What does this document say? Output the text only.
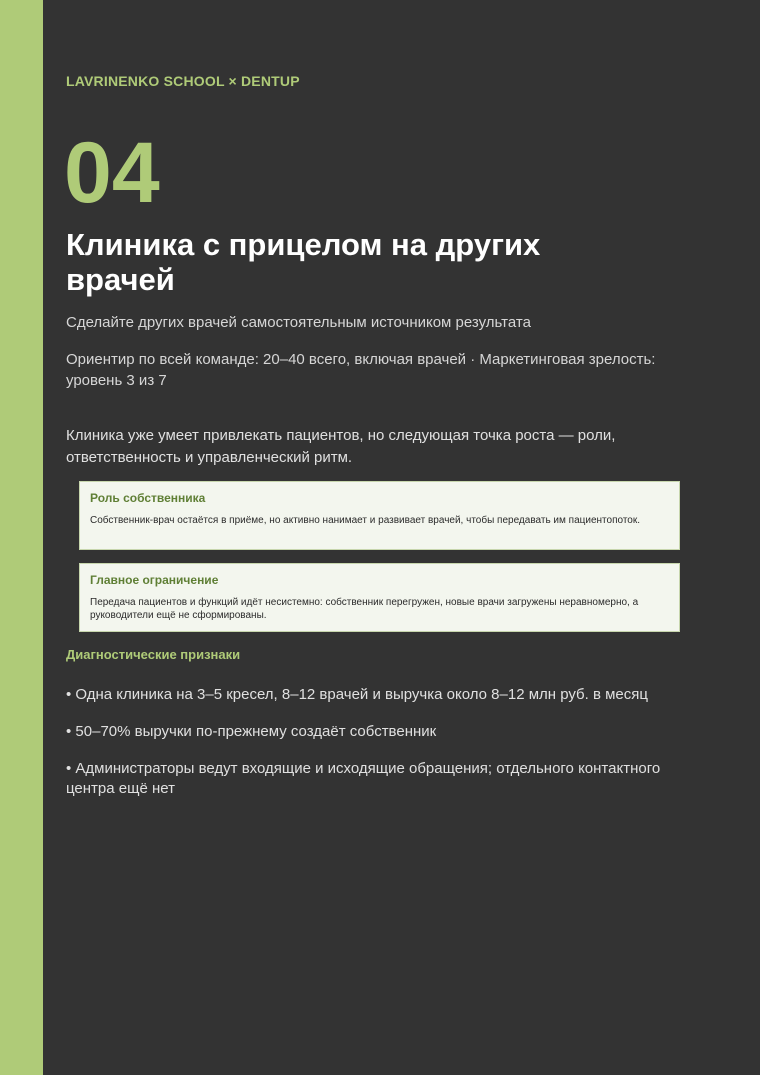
LAVRINENKO SCHOOL × DENTUP
04
Клиника с прицелом на других врачей
Сделайте других врачей самостоятельным источником результата
Ориентир по всей команде: 20–40 всего, включая врачей · Маркетинговая зрелость: уровень 3 из 7
Клиника уже умеет привлекать пациентов, но следующая точка роста — роли, ответственность и управленческий ритм.
Роль собственника
Собственник-врач остаётся в приёме, но активно нанимает и развивает врачей, чтобы передавать им пациентопоток.
Главное ограничение
Передача пациентов и функций идёт несистемно: собственник перегружен, новые врачи загружены неравномерно, а руководители ещё не сформированы.
Диагностические признаки
• Одна клиника на 3–5 кресел, 8–12 врачей и выручка около 8–12 млн руб. в месяц
• 50–70% выручки по-прежнему создаёт собственник
• Администраторы ведут входящие и исходящие обращения; отдельного контактного центра ещё нет
